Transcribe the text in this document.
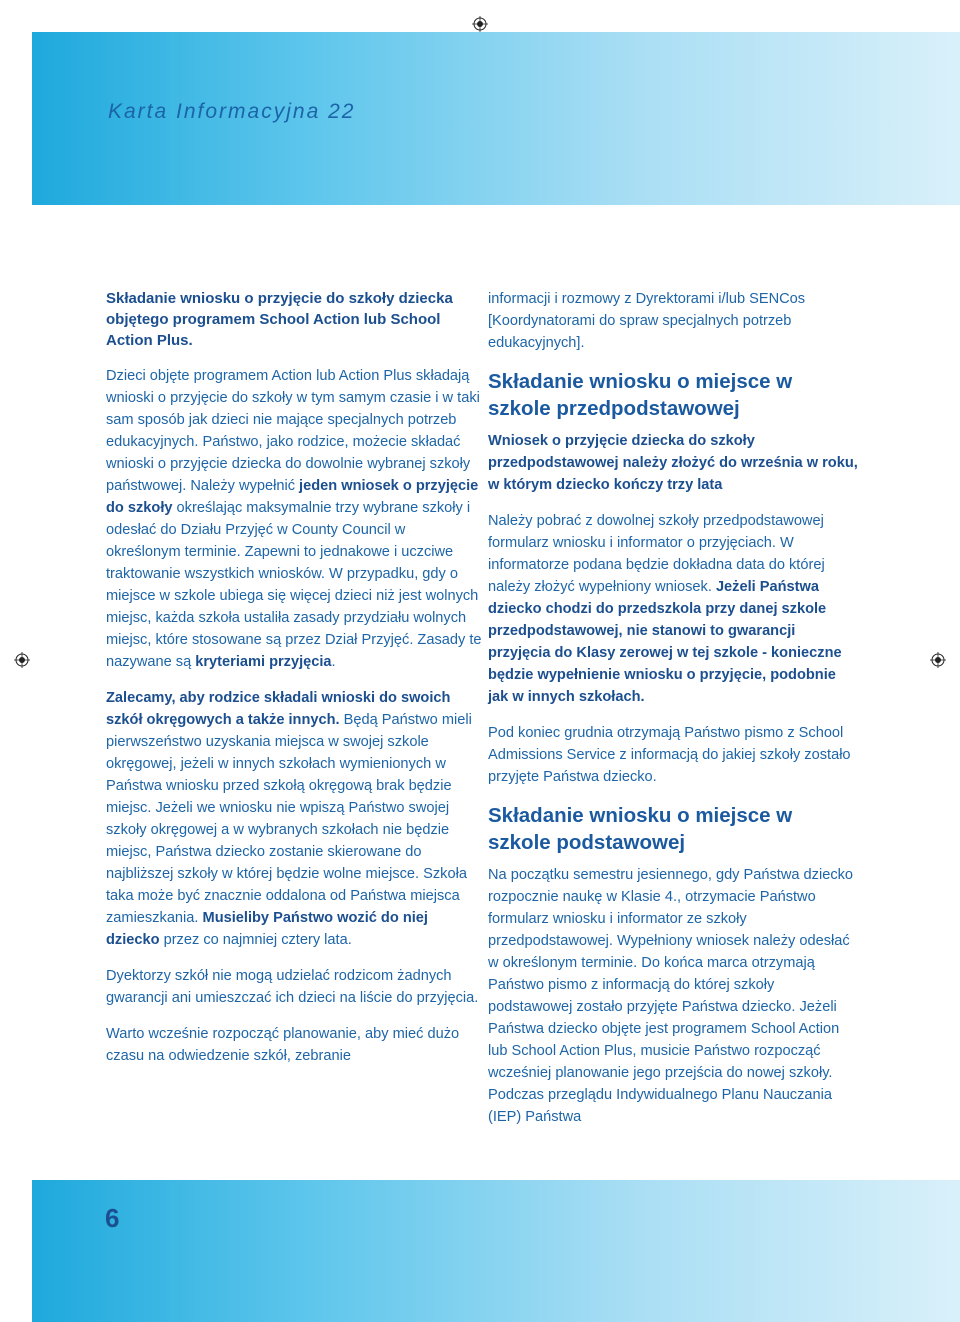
Karta Informacyjna 22

Składanie wniosku o przyjęcie do szkoły dziecka objętego programem School Action lub School Action Plus.

Dzieci objęte programem Action lub Action Plus składają wnioski o przyjęcie do szkoły w tym samym czasie i w taki sam sposób jak dzieci nie mające specjalnych potrzeb edukacyjnych. Państwo, jako rodzice, możecie składać wnioski o przyjęcie dziecka do dowolnie wybranej szkoły państwowej. Należy wypełnić jeden wniosek o przyjęcie do szkoły określając maksymalnie trzy wybrane szkoły i odesłać do Działu Przyjęć w County Council w określonym terminie. Zapewni to jednakowe i uczciwe traktowanie wszystkich wniosków. W przypadku, gdy o miejsce w szkole ubiega się więcej dzieci niż jest wolnych miejsc, każda szkoła ustaliła zasady przydziału wolnych miejsc, które stosowane są przez Dział Przyjęć. Zasady te nazywane są kryteriami przyjęcia.

Zalecamy, aby rodzice składali wnioski do swoich szkół okręgowych a także innych. Będą Państwo mieli pierwszeństwo uzyskania miejsca w swojej szkole okręgowej, jeżeli w innych szkołach wymienionych w Państwa wniosku przed szkołą okręgową brak będzie miejsc. Jeżeli we wniosku nie wpiszą Państwo swojej szkoły okręgowej a w wybranych szkołach nie będzie miejsc, Państwa dziecko zostanie skierowane do najbliższej szkoły w której będzie wolne miejsce. Szkoła taka może być znacznie oddalona od Państwa miejsca zamieszkania. Musieliby Państwo wozić do niej dziecko przez co najmniej cztery lata.

Dyektorzy szkół nie mogą udzielać rodzicom żadnych gwarancji ani umieszczać ich dzieci na liście do przyjęcia.

Warto wcześnie rozpocząć planowanie, aby mieć dużo czasu na odwiedzenie szkół, zebranie

informacji i rozmowy z Dyrektorami i/lub SENCos [Koordynatorami do spraw specjalnych potrzeb edukacyjnych].

Składanie wniosku o miejsce w szkole przedpodstawowej

Wniosek o przyjęcie dziecka do szkoły przedpodstawowej należy złożyć do września w roku, w którym dziecko kończy trzy lata

Należy pobrać z dowolnej szkoły przedpodstawowej formularz wniosku i informator o przyjęciach. W informatorze podana będzie dokładna data do której należy złożyć wypełniony wniosek. Jeżeli Państwa dziecko chodzi do przedszkola przy danej szkole przedpodstawowej, nie stanowi to gwarancji przyjęcia do Klasy zerowej w tej szkole - konieczne będzie wypełnienie wniosku o przyjęcie, podobnie jak w innych szkołach.

Pod koniec grudnia otrzymają Państwo pismo z School Admissions Service z informacją do jakiej szkoły zostało przyjęte Państwa dziecko.

Składanie wniosku o miejsce w szkole podstawowej

Na początku semestru jesiennego, gdy Państwa dziecko rozpocznie naukę w Klasie 4., otrzymacie Państwo formularz wniosku i informator ze szkoły przedpodstawowej. Wypełniony wniosek należy odesłać w określonym terminie. Do końca marca otrzymają Państwo pismo z informacją do której szkoły podstawowej zostało przyjęte Państwa dziecko. Jeżeli Państwa dziecko objęte jest programem School Action lub School Action Plus, musicie Państwo rozpocząć wcześniej planowanie jego przejścia do nowej szkoły. Podczas przeglądu Indywidualnego Planu Nauczania (IEP) Państwa

6
